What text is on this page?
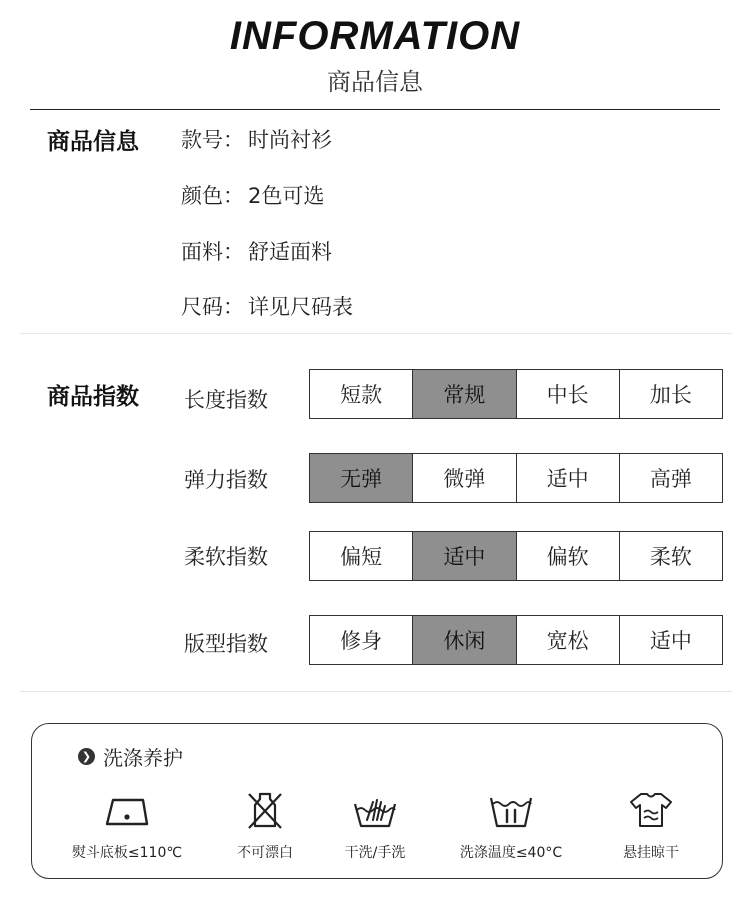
INFORMATION
商品信息
商品信息 款号： 时尚衬衫
颜色： 2色可选
面料： 舒适面料
尺码： 详见尺码表
商品指数 长度指数	短款	常规	中长	加长
弹力指数	无弹	微弹	适中	高弹
柔软指数	偏短	适中	偏软	柔软
版型指数	修身	休闲	宽松	适中
❯ 洗涤养护
熨斗底板≤110℃	不可漂白	干洗/手洗	洗涤温度≤40°C	悬挂晾干
